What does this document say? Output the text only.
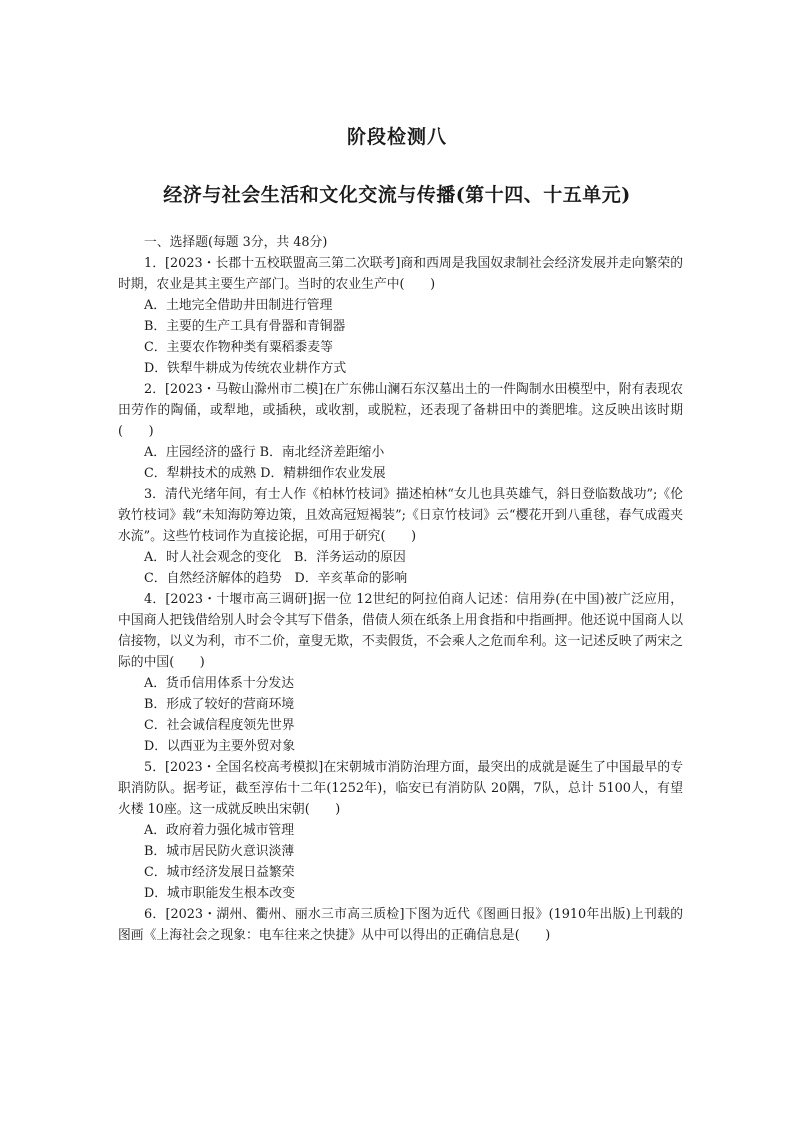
阶段检测八
经济与社会生活和文化交流与传播(第十四、十五单元)

一、选择题(每题 3分，共 48分)

1．[2023・长郡十五校联盟高三第二次联考]商和西周是我国奴隶制社会经济发展并走向繁荣的时期，农业是其主要生产部门。当时的农业生产中(　　)

A．土地完全借助井田制进行管理

B．主要的生产工具有骨器和青铜器

C．主要农作物种类有粟稻黍麦等

D．铁犁牛耕成为传统农业耕作方式

2．[2023・马鞍山滁州市二模]在广东佛山澜石东汉墓出土的一件陶制水田模型中，附有表现农田劳作的陶俑，或犁地，或插秧，或收割，或脱粒，还表现了备耕田中的粪肥堆。这反映出该时期(　　)

A．庄园经济的盛行 B．南北经济差距缩小

C．犁耕技术的成熟 D．精耕细作农业发展

3．清代光绪年间，有士人作《柏林竹枝词》描述柏林“女儿也具英雄气，斜日登临数战功”;《伦敦竹枝词》载“未知海防筹边策，且效高冠短褐装”;《日京竹枝词》云“樱花开到八重毬，春气成霞夹水流”。这些竹枝词作为直接论据，可用于研究(　　)

A．时人社会观念的变化　B．洋务运动的原因

C．自然经济解体的趋势　D．辛亥革命的影响

4．[2023・十堰市高三调研]据一位 12世纪的阿拉伯商人记述：信用券(在中国)被广泛应用，中国商人把钱借给别人时会令其写下借条，借债人须在纸条上用食指和中指画押。他还说中国商人以信接物，以义为利，市不二价，童叟无欺，不卖假货，不会乘人之危而牟利。这一记述反映了两宋之际的中国(　　)

A．货币信用体系十分发达

B．形成了较好的营商环境

C．社会诚信程度领先世界

D．以西亚为主要外贸对象

5．[2023・全国名校高考模拟]在宋朝城市消防治理方面，最突出的成就是诞生了中国最早的专职消防队。据考证，截至淳佑十二年(1252年)，临安已有消防队 20隅，7队，总计 5100人，有望火楼 10座。这一成就反映出宋朝(　　)

A．政府着力强化城市管理

B．城市居民防火意识淡薄

C．城市经济发展日益繁荣

D．城市职能发生根本改变

6．[2023・湖州、衢州、丽水三市高三质检]下图为近代《图画日报》(1910年出版)上刊载的图画《上海社会之现象：电车往来之快捷》从中可以得出的正确信息是(　　)
